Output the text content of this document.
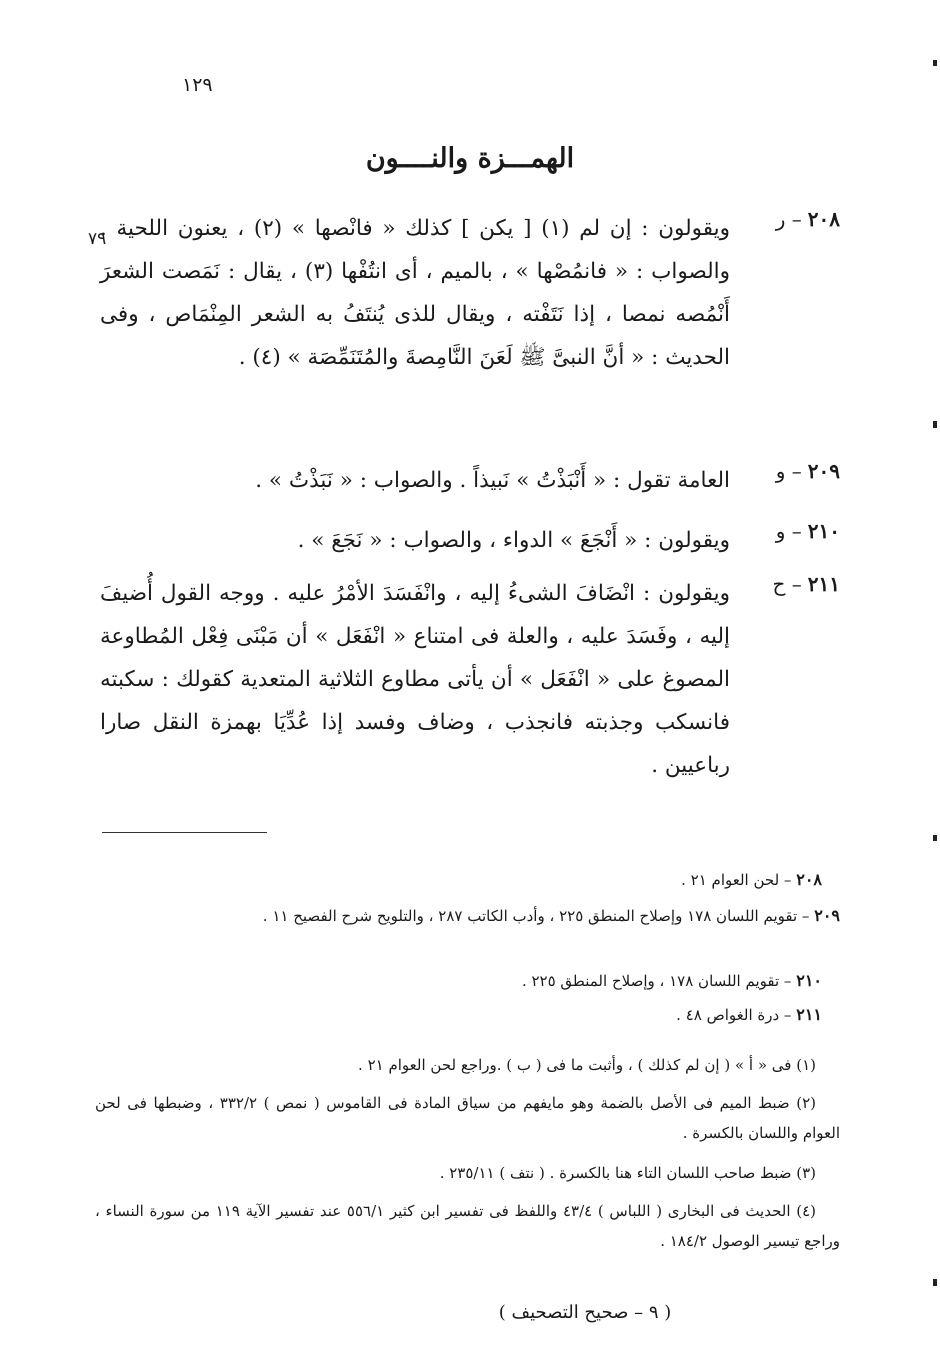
١٢٩
الهمـــزة والنــــون
٧٩
٢٠٨– ر
ويقولون : إن لم (١) [ يكن ] كذلك « فانْصها » (٢) ، يعنون اللحية . والصواب : « فانمُصْها » ، بالميم ، أى انتُفْها (٣) ، يقال : نَمَصت الشعرَ أَنْمُصه نمصا ، إذا نَتَفْته ، ويقال للذى يُنتَفُ به الشعر المِنْمَاص ، وفى الحديث : « أنَّ النبىَّ ﷺ لَعَنَ النَّامِصةَ والمُتَنَمِّصَة » (٤) .
٢٠٩– و
العامة تقول : « أَنْبَذْتُ » نَبيذاً . والصواب : « نَبَذْتُ » .
٢١٠– و
ويقولون : « أَنْجَعَ » الدواء ، والصواب : « نَجَعَ » .
٢١١– ح
ويقولون : انْضَافَ الشىءُ إليه ، وانْفَسَدَ الأمْرُ عليه . ووجه القول أُضيفَ إليه ، وفَسَدَ عليه ، والعلة فى امتناع « انْفَعَل » أن مَبْنَى فِعْل المُطاوعة المصوغ على « انْفَعَل » أن يأتى مطاوع الثلاثية المتعدية كقولك : سكبته فانسكب وجذبته فانجذب ، وضاف وفسد إذا عُدِّيَا بهمزة النقل صارا رباعيين .
٢٠٨ – لحن العوام ٢١ .
٢٠٩ – تقويم اللسان ١٧٨ وإصلاح المنطق ٢٢٥ ، وأدب الكاتب ٢٨٧ ، والتلويح شرح الفصيح ١١ .
٢١٠ – تقويم اللسان ١٧٨ ، وإصلاح المنطق ٢٢٥ .
٢١١ – درة الغواص ٤٨ .
(١) فى « أ » ( إن لم كذلك ) ، وأثبت ما فى ( ب ) .وراجع لحن العوام ٢١ .
(٢) ضبط الميم فى الأصل بالضمة وهو مايفهم من سياق المادة فى القاموس ( نمص ) ٣٣٢/٢ ، وضبطها فى لحن العوام واللسان بالكسرة .
(٣) ضبط صاحب اللسان التاء هنا بالكسرة . ( نتف ) ٢٣٥/١١ .
(٤) الحديث فى البخارى ( اللباس ) ٤٣/٤ واللفظ فى تفسير ابن كثير ٥٥٦/١ عند تفسير الآية ١١٩ من سورة النساء ، وراجع تيسير الوصول ١٨٤/٢ .
( ٩ – صحيح التصحيف )
